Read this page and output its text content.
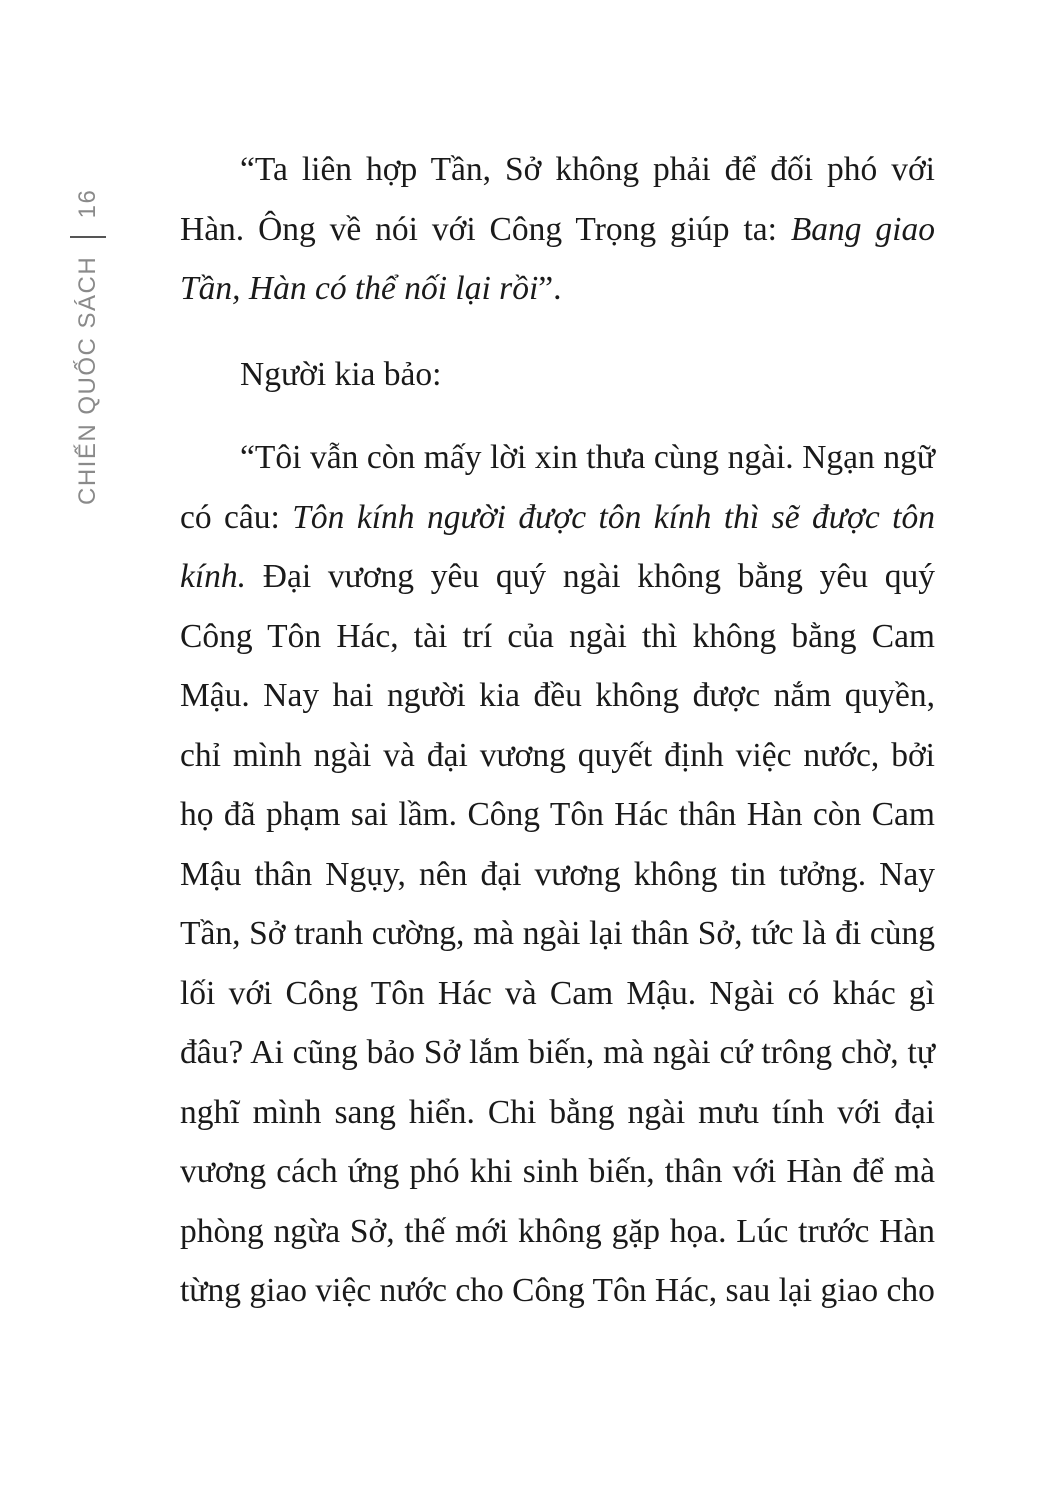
CHIẾN QUỐC SÁCH
16

“Ta liên hợp Tần, Sở không phải để đối phó với Hàn. Ông về nói với Công Trọng giúp ta: Bang giao Tần, Hàn có thể nối lại rồi”.

Người kia bảo:

“Tôi vẫn còn mấy lời xin thưa cùng ngài. Ngạn ngữ có câu: Tôn kính người được tôn kính thì sẽ được tôn kính. Đại vương yêu quý ngài không bằng yêu quý Công Tôn Hác, tài trí của ngài thì không bằng Cam Mậu. Nay hai người kia đều không được nắm quyền, chỉ mình ngài và đại vương quyết định việc nước, bởi họ đã phạm sai lầm. Công Tôn Hác thân Hàn còn Cam Mậu thân Ngụy, nên đại vương không tin tưởng. Nay Tần, Sở tranh cường, mà ngài lại thân Sở, tức là đi cùng lối với Công Tôn Hác và Cam Mậu. Ngài có khác gì đâu? Ai cũng bảo Sở lắm biến, mà ngài cứ trông chờ, tự nghĩ mình sang hiển. Chi bằng ngài mưu tính với đại vương cách ứng phó khi sinh biến, thân với Hàn để mà phòng ngừa Sở, thế mới không gặp họa. Lúc trước Hàn từng giao việc nước cho Công Tôn Hác, sau lại giao cho
